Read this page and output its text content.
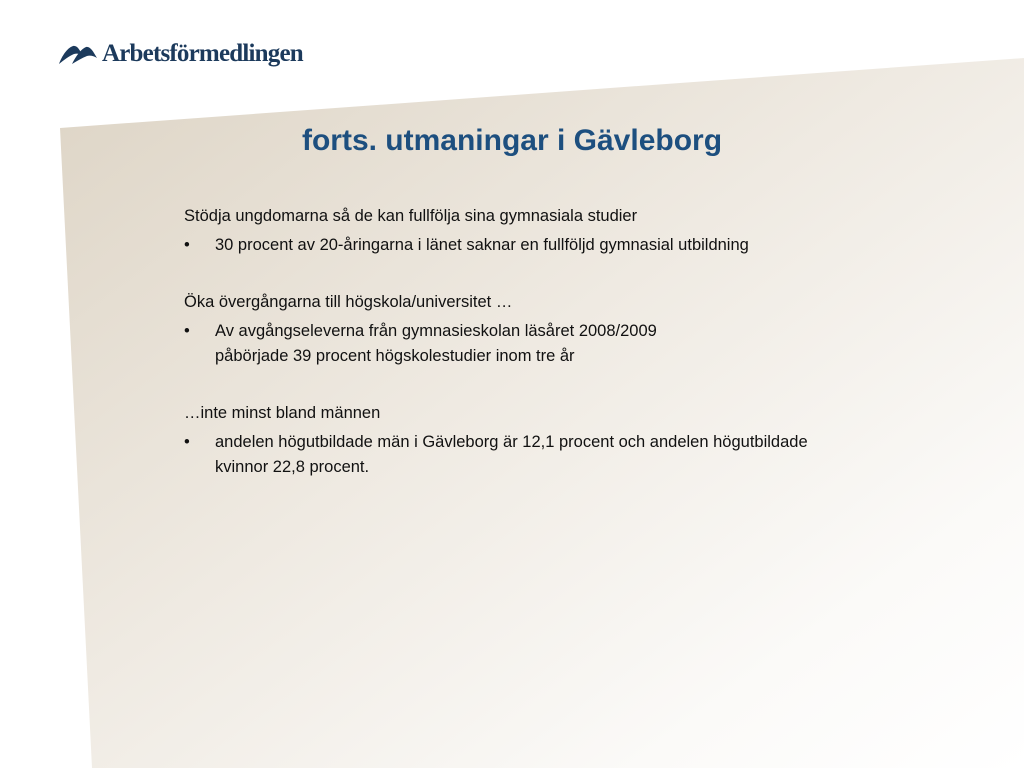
Arbetsförmedlingen
forts. utmaningar i Gävleborg

Stödja ungdomarna så de kan fullfölja sina gymnasiala studier

•	30 procent av 20-åringarna i länet saknar en fullföljd gymnasial utbildning

Öka övergångarna till högskola/universitet …

•	Av avgångseleverna från gymnasieskolan läsåret 2008/2009
påbörjade 39 procent högskolestudier inom tre år

…inte minst bland männen

•	andelen högutbildade män i Gävleborg är 12,1 procent och andelen högutbildade
kvinnor 22,8 procent.
